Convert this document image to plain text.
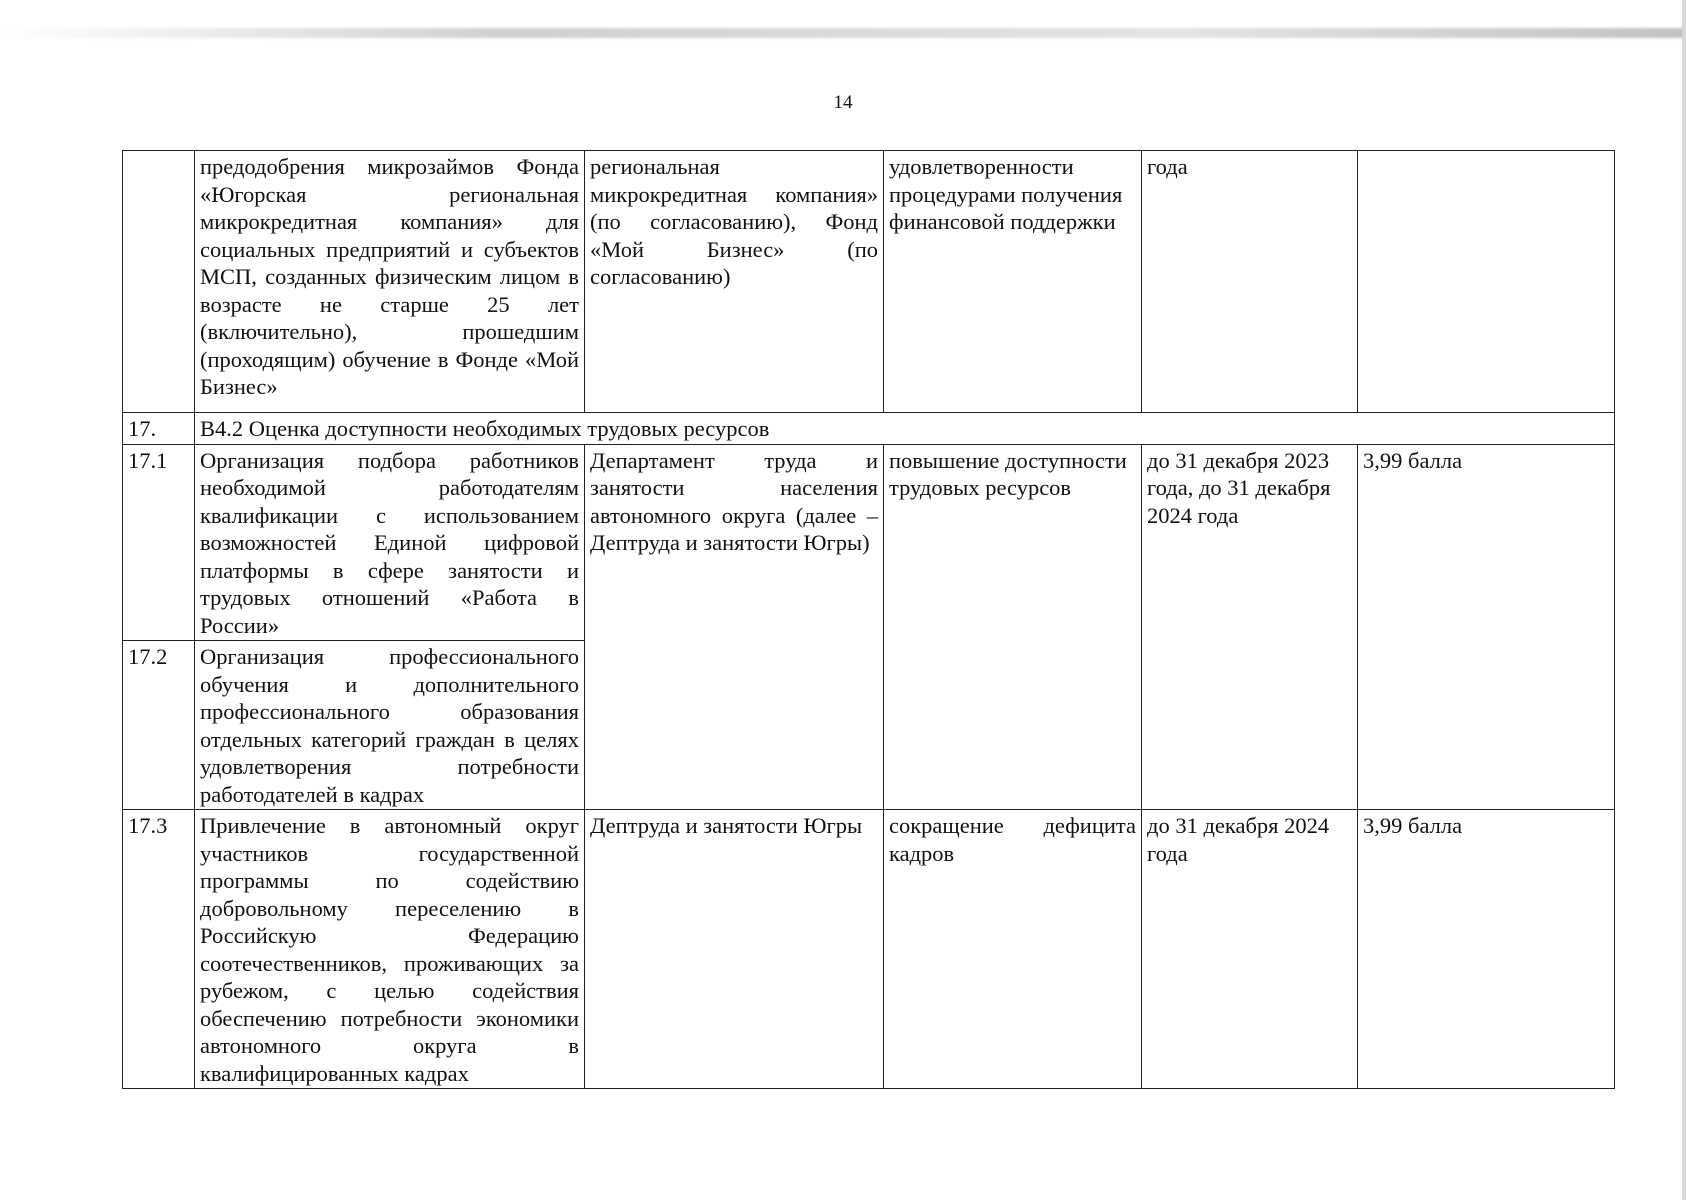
14
	предодобрения микрозаймов Фонда «Югорская региональная микрокредитная компания» для социальных предприятий и субъектов МСП, созданных физическим лицом в возрасте не старше 25 лет (включительно), прошедшим (проходящим) обучение в Фонде «Мой Бизнес»	региональная микрокредитная компания» (по согласованию), Фонд «Мой Бизнес» (по согласованию)	удовлетворенности процедурами получения финансовой поддержки	года	
17.	В4.2 Оценка доступности необходимых трудовых ресурсов				
17.1	Организация подбора работников необходимой работодателям квалификации с использованием возможностей Единой цифровой платформы в сфере занятости и трудовых отношений «Работа в России»	Департамент труда и занятости населения автономного округа (далее – Дептруда и занятости Югры)	повышение доступности трудовых ресурсов	до 31 декабря 2023 года, до 31 декабря 2024 года	3,99 балла
17.2	Организация профессионального обучения и дополнительного профессионального образования отдельных категорий граждан в целях удовлетворения потребности работодателей в кадрах				
17.3	Привлечение в автономный округ участников государственной программы по содействию добровольному переселению в Российскую Федерацию соотечественников, проживающих за рубежом, с целью содействия обеспечению потребности экономики автономного округа в квалифицированных кадрах	Дептруда и занятости Югры	сокращение дефицита кадров	до 31 декабря 2024 года	3,99 балла
